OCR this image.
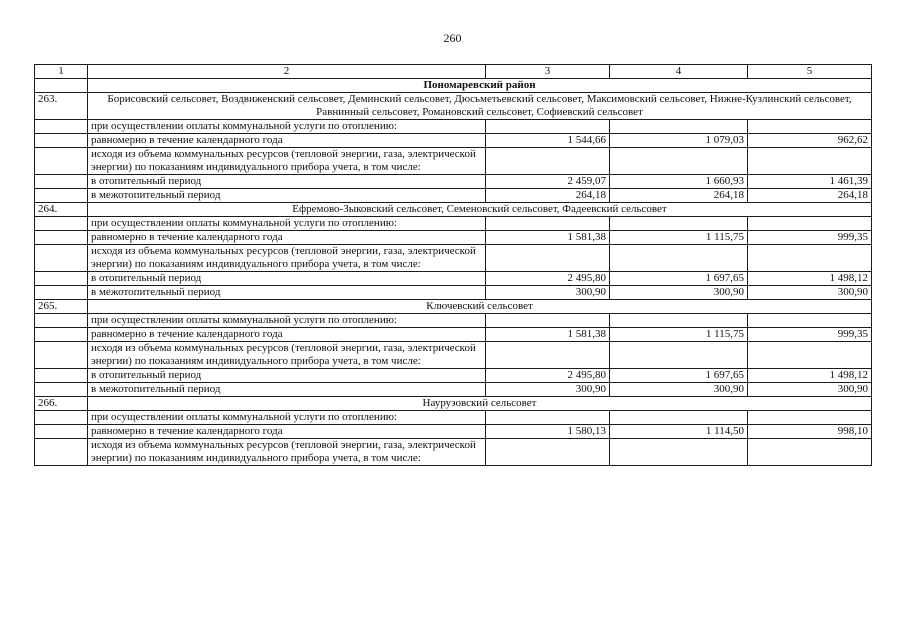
260
1	2	3	4	5
	Пономаревский район			
263.	Борисовский сельсовет, Воздвиженский сельсовет, Деминский сельсовет, Дюсьметьевский сельсовет, Максимовский сельсовет, Нижне-Кузлинский сельсовет, Равнинный сельсовет, Романовский сельсовет, Софиевский сельсовет			
	при осуществлении оплаты коммунальной услуги по отоплению:			
	равномерно в течение календарного года	1 544,66	1 079,03	962,62
	исходя из объема коммунальных ресурсов (тепловой энергии, газа, электрической энергии) по показаниям индивидуального прибора учета, в том числе:			
	в отопительный период	2 459,07	1 660,93	1 461,39
	в межотопительный период	264,18	264,18	264,18
264.	Ефремово-Зыковский сельсовет, Семеновский сельсовет, Фадеевский сельсовет			
	при осуществлении оплаты коммунальной услуги по отоплению:			
	равномерно в течение календарного года	1 581,38	1 115,75	999,35
	исходя из объема коммунальных ресурсов (тепловой энергии, газа, электрической энергии) по показаниям индивидуального прибора учета, в том числе:			
	в отопительный период	2 495,80	1 697,65	1 498,12
	в межотопительный период	300,90	300,90	300,90
265.	Ключевский сельсовет			
	при осуществлении оплаты коммунальной услуги по отоплению:			
	равномерно в течение календарного года	1 581,38	1 115,75	999,35
	исходя из объема коммунальных ресурсов (тепловой энергии, газа, электрической энергии) по показаниям индивидуального прибора учета, в том числе:			
	в отопительный период	2 495,80	1 697,65	1 498,12
	в межотопительный период	300,90	300,90	300,90
266.	Наурузовский сельсовет			
	при осуществлении оплаты коммунальной услуги по отоплению:			
	равномерно в течение календарного года	1 580,13	1 114,50	998,10
	исходя из объема коммунальных ресурсов (тепловой энергии, газа, электрической энергии) по показаниям индивидуального прибора учета, в том числе:			
